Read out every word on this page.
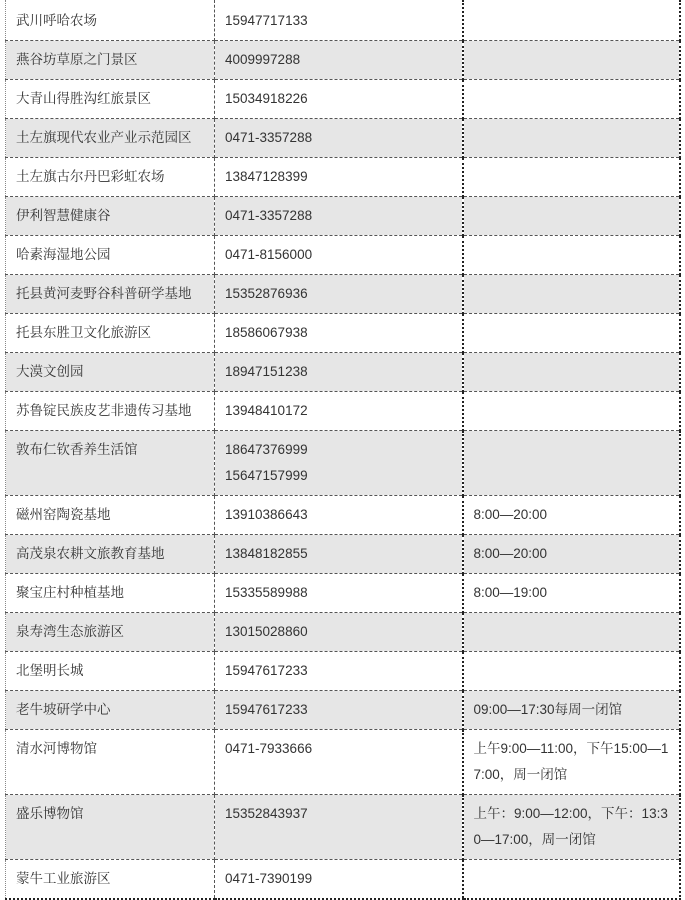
武川呼哈农场	15947717133	

燕谷坊草原之门景区	4009997288	

大青山得胜沟红旅景区	15034918226	

土左旗现代农业产业示范园区	0471-3357288	

土左旗古尔丹巴彩虹农场	13847128399	

伊利智慧健康谷	0471-3357288	

哈素海湿地公园	0471-8156000	

托县黄河麦野谷科普研学基地	15352876936	

托县东胜卫文化旅游区	18586067938	

大漠文创园	18947151238	

苏鲁锭民族皮艺非遗传习基地	13948410172	

敦布仁钦香养生活馆	18647376999
15647157999	

磁州窑陶瓷基地	13910386643	8:00—20:00
高茂泉农耕文旅教育基地	13848182855	8:00—20:00
聚宝庄村种植基地	15335589988	8:00—19:00
泉寿湾生态旅游区	13015028860	

北堡明长城	15947617233	

老牛坡研学中心	15947617233	09:00—17:30每周一闭馆
清水河博物馆	0471-7933666	上午9:00—11:00，下午15:00—17:00，周一闭馆
盛乐博物馆	15352843937	上午：9:00—12:00，下午：13:30—17:00，周一闭馆
蒙牛工业旅游区	0471-7390199	
